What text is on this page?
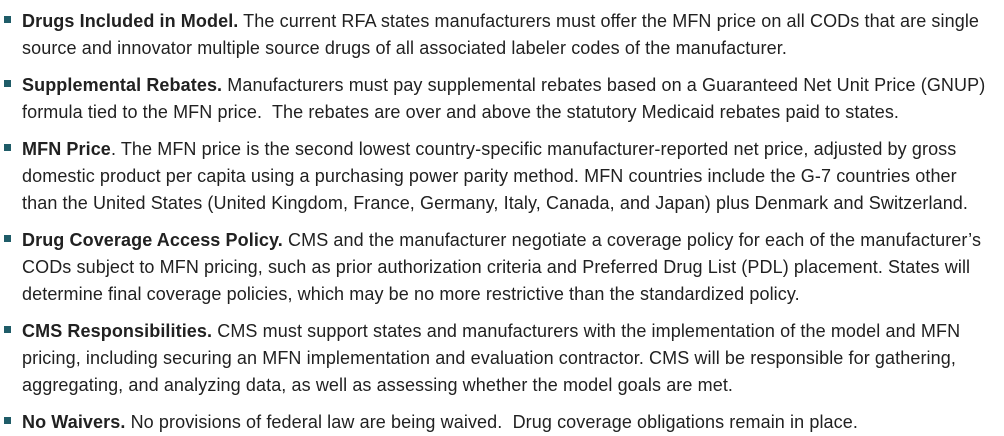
Drugs Included in Model. The current RFA states manufacturers must offer the MFN price on all CODs that are single source and innovator multiple source drugs of all associated labeler codes of the manufacturer.

Supplemental Rebates. Manufacturers must pay supplemental rebates based on a Guaranteed Net Unit Price (GNUP) formula tied to the MFN price.  The rebates are over and above the statutory Medicaid rebates paid to states.

MFN Price. The MFN price is the second lowest country-specific manufacturer-reported net price, adjusted by gross domestic product per capita using a purchasing power parity method. MFN countries include the G-7 countries other than the United States (United Kingdom, France, Germany, Italy, Canada, and Japan) plus Denmark and Switzerland.

Drug Coverage Access Policy. CMS and the manufacturer negotiate a coverage policy for each of the manufacturer’s CODs subject to MFN pricing, such as prior authorization criteria and Preferred Drug List (PDL) placement. States will determine final coverage policies, which may be no more restrictive than the standardized policy.

CMS Responsibilities. CMS must support states and manufacturers with the implementation of the model and MFN pricing, including securing an MFN implementation and evaluation contractor. CMS will be responsible for gathering, aggregating, and analyzing data, as well as assessing whether the model goals are met.

No Waivers. No provisions of federal law are being waived.  Drug coverage obligations remain in place.
